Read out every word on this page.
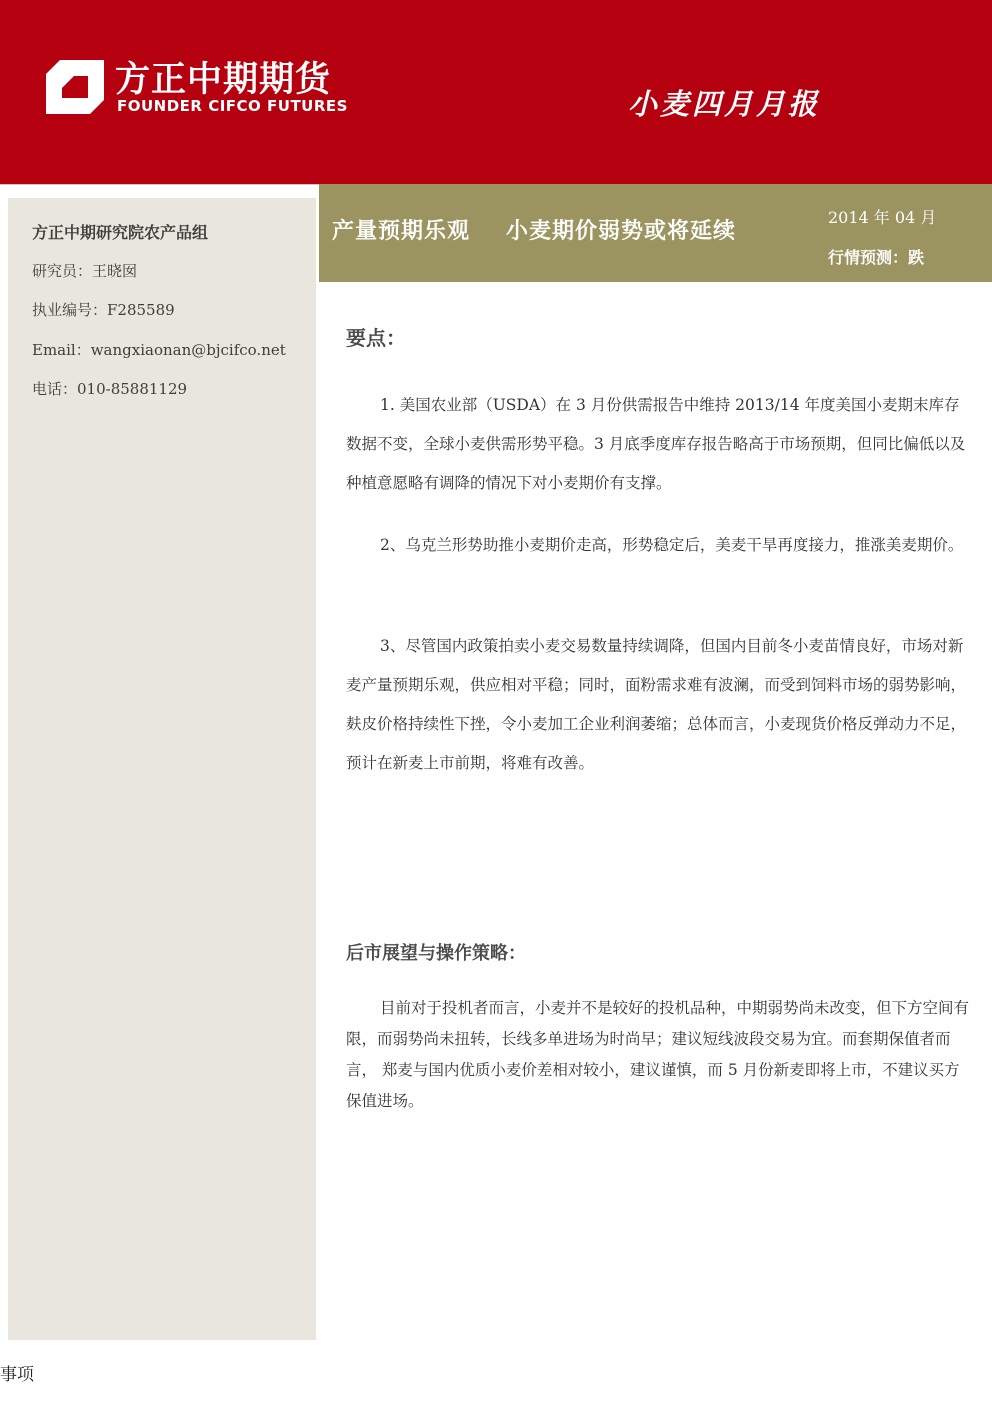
方正中期期货
FOUNDER CIFCO FUTURES	小麦四月月报
方正中期研究院农产品组
研究员：王晓囡
执业编号：F285589
Email：wangxiaonan@bjcifco.net
电话：010-85881129
产量预期乐观 小麦期价弱势或将延续
2014 年 04 月
行情预测：跌
要点：

1. 美国农业部（USDA）在 3 月份供需报告中维持 2013/14 年度美国小麦期末库存数据不变，全球小麦供需形势平稳。3 月底季度库存报告略高于市场预期，但同比偏低以及种植意愿略有调降的情况下对小麦期价有支撑。

2、乌克兰形势助推小麦期价走高，形势稳定后，美麦干旱再度接力，推涨美麦期价。

3、尽管国内政策拍卖小麦交易数量持续调降，但国内目前冬小麦苗情良好，市场对新麦产量预期乐观，供应相对平稳；同时，面粉需求难有波澜，而受到饲料市场的弱势影响，麸皮价格持续性下挫，令小麦加工企业利润萎缩；总体而言，小麦现货价格反弹动力不足，预计在新麦上市前期，将难有改善。

后市展望与操作策略：

目前对于投机者而言，小麦并不是较好的投机品种，中期弱势尚未改变，但下方空间有限，而弱势尚未扭转，长线多单进场为时尚早；建议短线波段交易为宜。而套期保值者而言， 郑麦与国内优质小麦价差相对较小，建议谨慎，而 5 月份新麦即将上市，不建议买方保值进场。

事项
